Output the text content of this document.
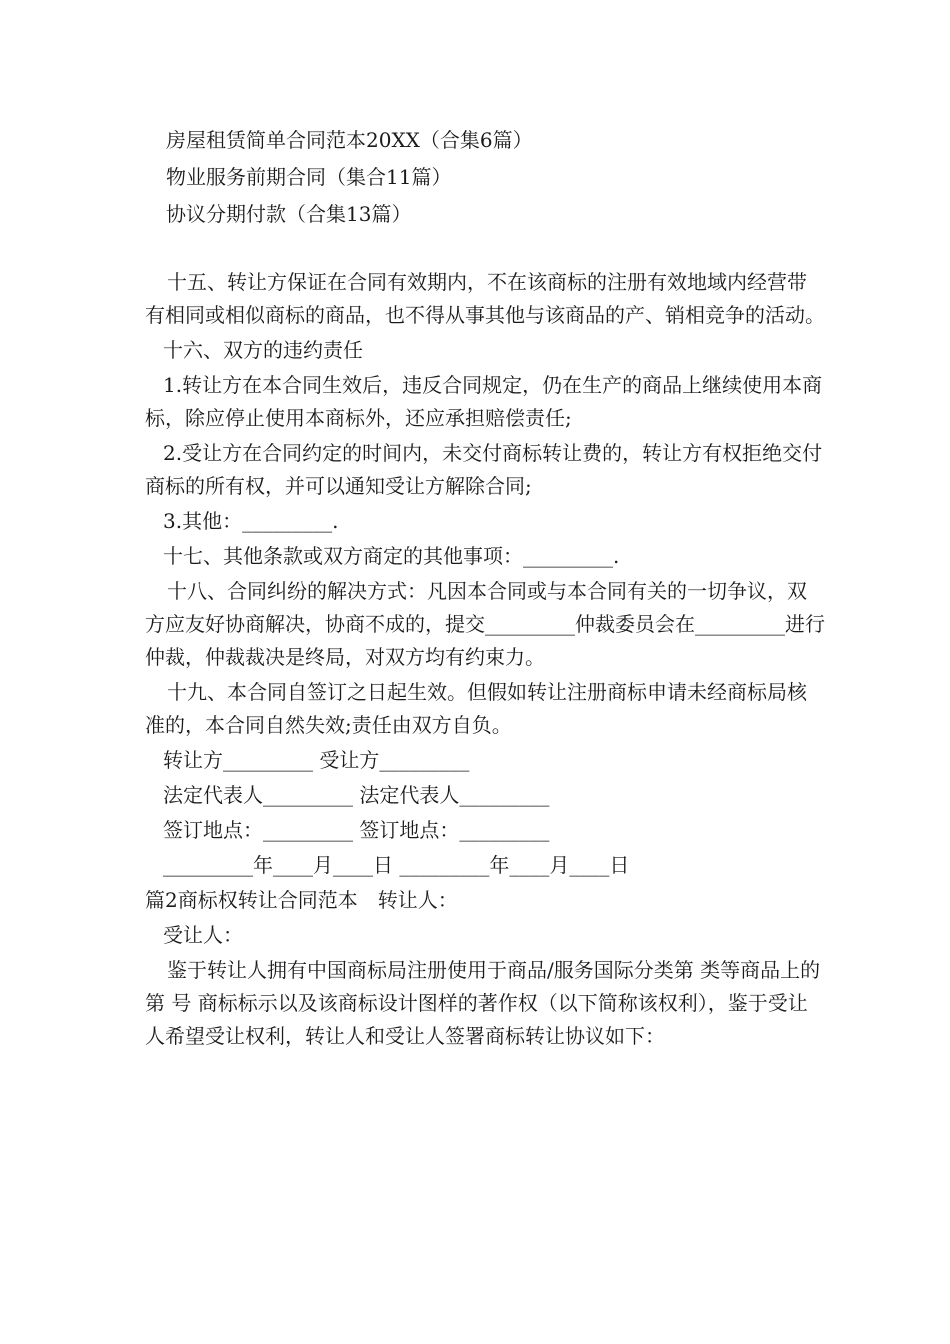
房屋租赁简单合同范本20XX（合集6篇）
物业服务前期合同（集合11篇）
协议分期付款（合集13篇）

十五、转让方保证在合同有效期内，不在该商标的注册有效地域内经营带有相同或相似商标的商品，也不得从事其他与该商品的产、销相竞争的活动。

十六、双方的违约责任

1.转让方在本合同生效后，违反合同规定，仍在生产的商品上继续使用本商标，除应停止使用本商标外，还应承担赔偿责任;

2.受让方在合同约定的时间内，未交付商标转让费的，转让方有权拒绝交付商标的所有权，并可以通知受让方解除合同;

3.其他：_________.
十七、其他条款或双方商定的其他事项：_________.

十八、合同纠纷的解决方式：凡因本合同或与本合同有关的一切争议，双方应友好协商解决，协商不成的，提交_________仲裁委员会在_________进行仲裁，仲裁裁决是终局，对双方均有约束力。

十九、本合同自签订之日起生效。但假如转让注册商标申请未经商标局核准的，本合同自然失效;责任由双方自负。

转让方_________ 受让方_________
法定代表人_________ 法定代表人_________
签订地点：_________ 签订地点：_________
_________年____月____日 _________年____月____日
篇2商标权转让合同范本　转让人：
受让人：

鉴于转让人拥有中国商标局注册使用于商品/服务国际分类第 类等商品上的第 号 商标标示以及该商标设计图样的著作权（以下简称该权利），鉴于受让人希望受让权利，转让人和受让人签署商标转让协议如下：
